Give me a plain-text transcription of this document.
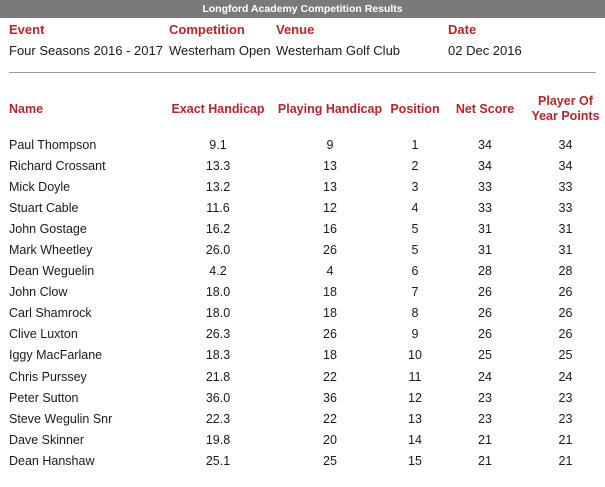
Longford Academy Competition Results
Event
Four Seasons 2016 - 2017
Competition
Westerham Open
Venue
Westerham Golf Club
Date
02 Dec 2016
Name	Exact Handicap	Playing Handicap	Position	Net Score	Player Of Year Points
Paul Thompson	9.1	9	1	34	34
Richard Crossant	13.3	13	2	34	34
Mick Doyle	13.2	13	3	33	33
Stuart Cable	11.6	12	4	33	33
John Gostage	16.2	16	5	31	31
Mark Wheetley	26.0	26	5	31	31
Dean Weguelin	4.2	4	6	28	28
John Clow	18.0	18	7	26	26
Carl Shamrock	18.0	18	8	26	26
Clive Luxton	26.3	26	9	26	26
Iggy MacFarlane	18.3	18	10	25	25
Chris Purssey	21.8	22	11	24	24
Peter Sutton	36.0	36	12	23	23
Steve Wegulin Snr	22.3	22	13	23	23
Dave Skinner	19.8	20	14	21	21
Dean Hanshaw	25.1	25	15	21	21
